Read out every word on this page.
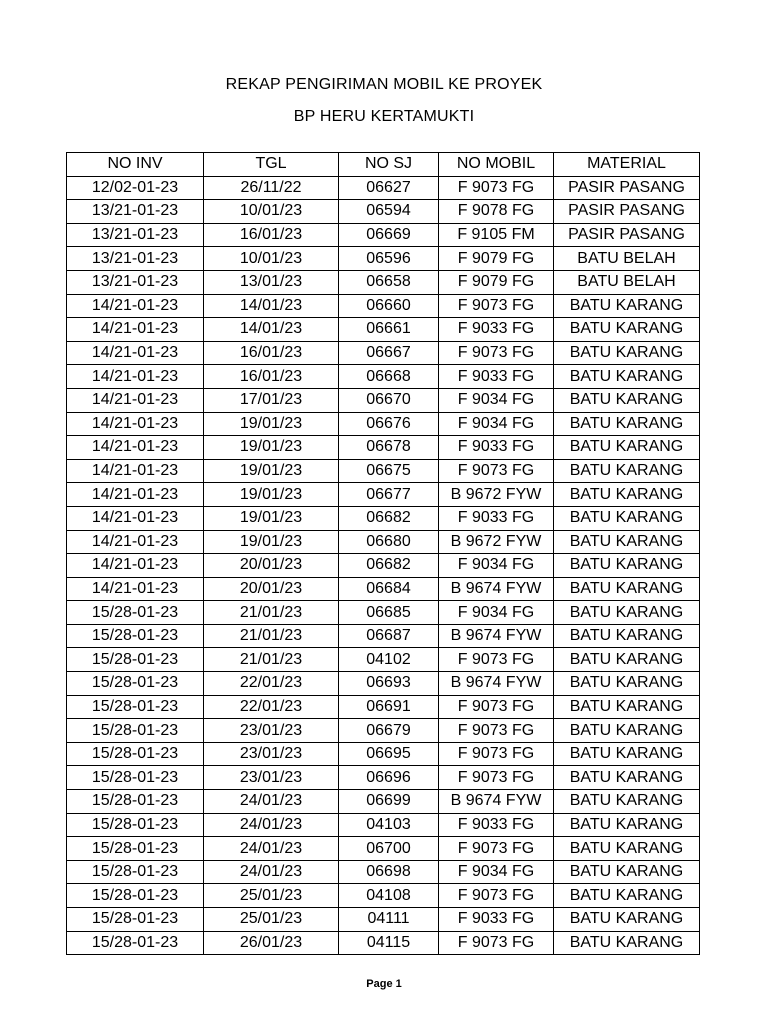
REKAP PENGIRIMAN MOBIL KE PROYEK
BP HERU KERTAMUKTI
NO INV	TGL	NO SJ	NO MOBIL	MATERIAL
12/02-01-23	26/11/22	06627	F 9073 FG	PASIR PASANG
13/21-01-23	10/01/23	06594	F 9078 FG	PASIR PASANG
13/21-01-23	16/01/23	06669	F 9105 FM	PASIR PASANG
13/21-01-23	10/01/23	06596	F 9079 FG	BATU BELAH
13/21-01-23	13/01/23	06658	F 9079 FG	BATU BELAH
14/21-01-23	14/01/23	06660	F 9073 FG	BATU KARANG
14/21-01-23	14/01/23	06661	F 9033 FG	BATU KARANG
14/21-01-23	16/01/23	06667	F 9073 FG	BATU KARANG
14/21-01-23	16/01/23	06668	F 9033 FG	BATU KARANG
14/21-01-23	17/01/23	06670	F 9034 FG	BATU KARANG
14/21-01-23	19/01/23	06676	F 9034 FG	BATU KARANG
14/21-01-23	19/01/23	06678	F 9033 FG	BATU KARANG
14/21-01-23	19/01/23	06675	F 9073 FG	BATU KARANG
14/21-01-23	19/01/23	06677	B 9672 FYW	BATU KARANG
14/21-01-23	19/01/23	06682	F 9033 FG	BATU KARANG
14/21-01-23	19/01/23	06680	B 9672 FYW	BATU KARANG
14/21-01-23	20/01/23	06682	F 9034 FG	BATU KARANG
14/21-01-23	20/01/23	06684	B 9674 FYW	BATU KARANG
15/28-01-23	21/01/23	06685	F 9034 FG	BATU KARANG
15/28-01-23	21/01/23	06687	B 9674 FYW	BATU KARANG
15/28-01-23	21/01/23	04102	F 9073 FG	BATU KARANG
15/28-01-23	22/01/23	06693	B 9674 FYW	BATU KARANG
15/28-01-23	22/01/23	06691	F 9073 FG	BATU KARANG
15/28-01-23	23/01/23	06679	F 9073 FG	BATU KARANG
15/28-01-23	23/01/23	06695	F 9073 FG	BATU KARANG
15/28-01-23	23/01/23	06696	F 9073 FG	BATU KARANG
15/28-01-23	24/01/23	06699	B 9674 FYW	BATU KARANG
15/28-01-23	24/01/23	04103	F 9033 FG	BATU KARANG
15/28-01-23	24/01/23	06700	F 9073 FG	BATU KARANG
15/28-01-23	24/01/23	06698	F 9034 FG	BATU KARANG
15/28-01-23	25/01/23	04108	F 9073 FG	BATU KARANG
15/28-01-23	25/01/23	04111	F 9033 FG	BATU KARANG
15/28-01-23	26/01/23	04115	F 9073 FG	BATU KARANG
Page 1
